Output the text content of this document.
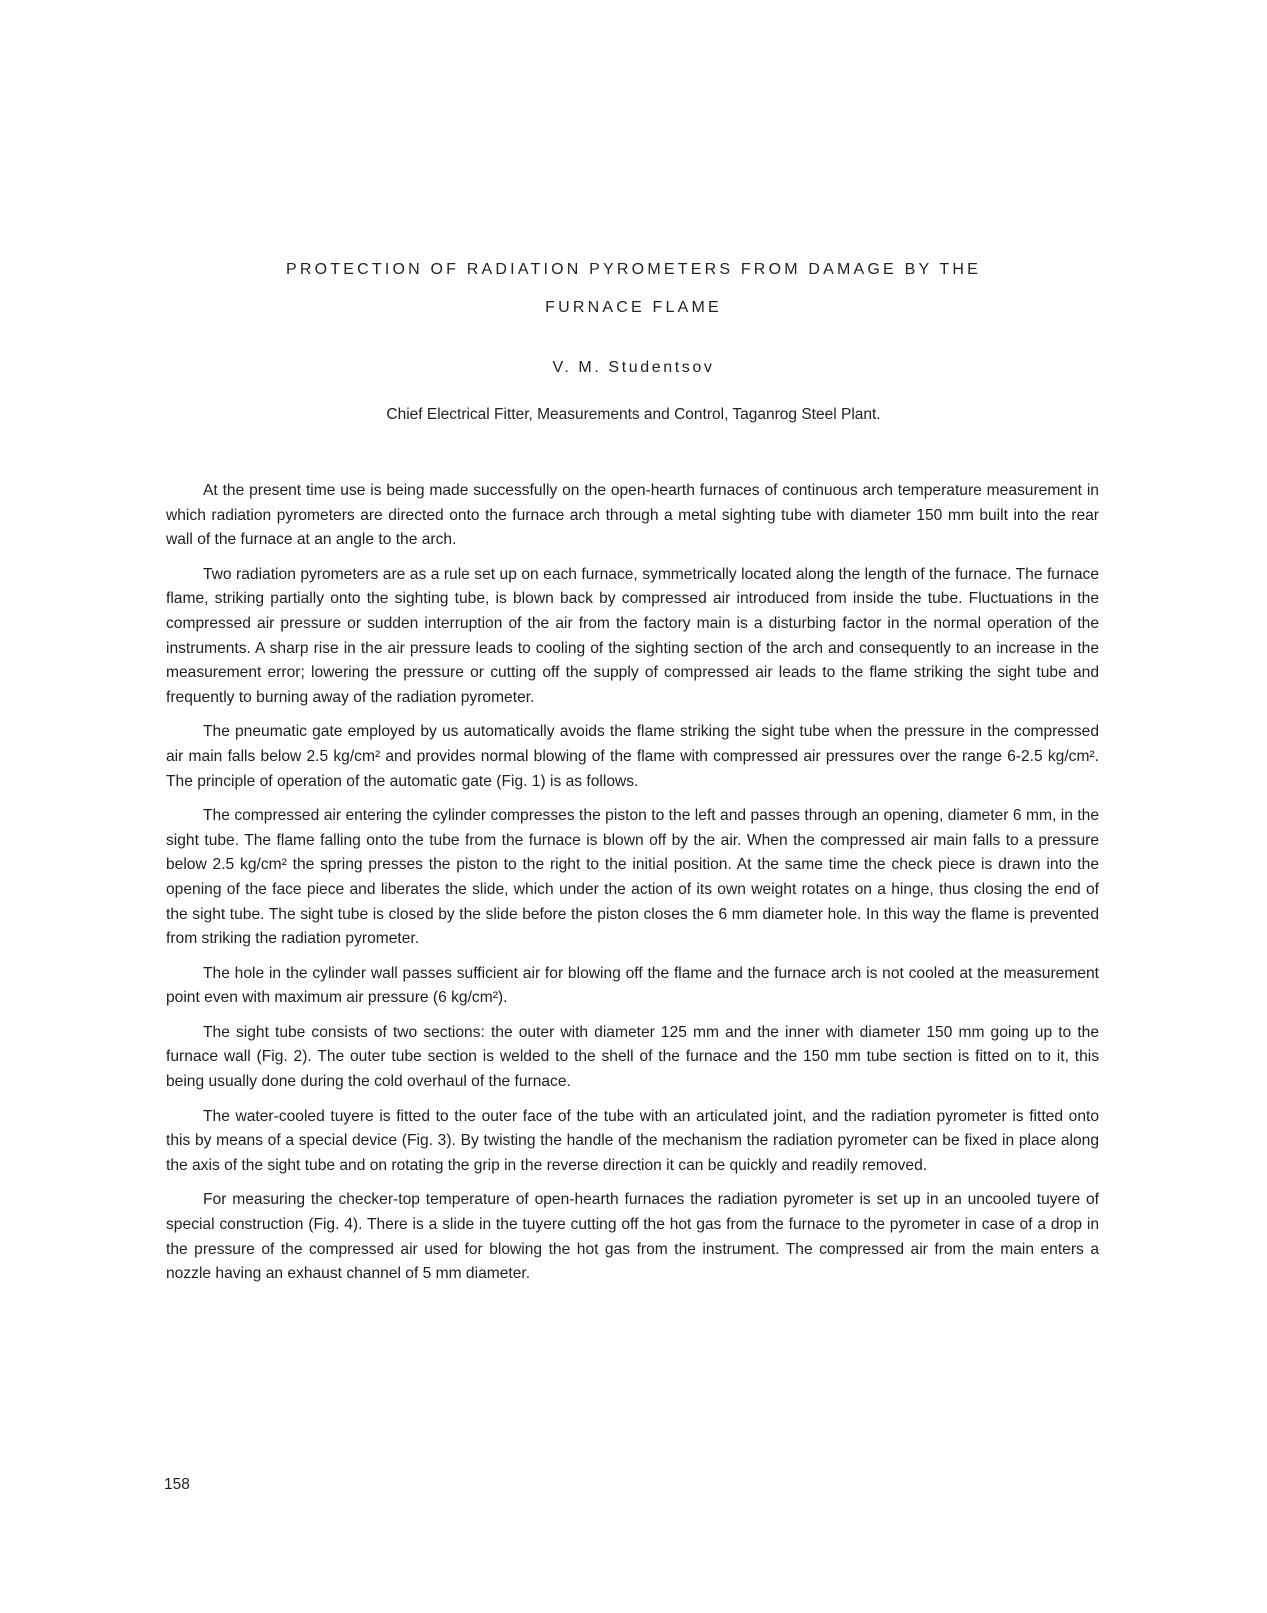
PROTECTION OF RADIATION PYROMETERS FROM DAMAGE BY THE
FURNACE FLAME
V. M. Studentsov
Chief Electrical Fitter, Measurements and Control, Taganrog Steel Plant.

At the present time use is being made successfully on the open-hearth furnaces of continuous arch temperature measurement in which radiation pyrometers are directed onto the furnace arch through a metal sighting tube with diameter 150 mm built into the rear wall of the furnace at an angle to the arch.

Two radiation pyrometers are as a rule set up on each furnace, symmetrically located along the length of the furnace. The furnace flame, striking partially onto the sighting tube, is blown back by compressed air introduced from inside the tube. Fluctuations in the compressed air pressure or sudden interruption of the air from the factory main is a disturbing factor in the normal operation of the instruments. A sharp rise in the air pressure leads to cooling of the sighting section of the arch and consequently to an increase in the measurement error; lowering the pressure or cutting off the supply of compressed air leads to the flame striking the sight tube and frequently to burning away of the radiation pyrometer.

The pneumatic gate employed by us automatically avoids the flame striking the sight tube when the pressure in the compressed air main falls below 2.5 kg/cm² and provides normal blowing of the flame with compressed air pressures over the range 6-2.5 kg/cm². The principle of operation of the automatic gate (Fig. 1) is as follows.

The compressed air entering the cylinder compresses the piston to the left and passes through an opening, diameter 6 mm, in the sight tube. The flame falling onto the tube from the furnace is blown off by the air. When the compressed air main falls to a pressure below 2.5 kg/cm² the spring presses the piston to the right to the initial position. At the same time the check piece is drawn into the opening of the face piece and liberates the slide, which under the action of its own weight rotates on a hinge, thus closing the end of the sight tube. The sight tube is closed by the slide before the piston closes the 6 mm diameter hole. In this way the flame is prevented from striking the radiation pyrometer.

The hole in the cylinder wall passes sufficient air for blowing off the flame and the furnace arch is not cooled at the measurement point even with maximum air pressure (6 kg/cm²).

The sight tube consists of two sections: the outer with diameter 125 mm and the inner with diameter 150 mm going up to the furnace wall (Fig. 2). The outer tube section is welded to the shell of the furnace and the 150 mm tube section is fitted on to it, this being usually done during the cold overhaul of the furnace.

The water-cooled tuyere is fitted to the outer face of the tube with an articulated joint, and the radiation pyrometer is fitted onto this by means of a special device (Fig. 3). By twisting the handle of the mechanism the radiation pyrometer can be fixed in place along the axis of the sight tube and on rotating the grip in the reverse direction it can be quickly and readily removed.

For measuring the checker-top temperature of open-hearth furnaces the radiation pyrometer is set up in an uncooled tuyere of special construction (Fig. 4). There is a slide in the tuyere cutting off the hot gas from the furnace to the pyrometer in case of a drop in the pressure of the compressed air used for blowing the hot gas from the instrument. The compressed air from the main enters a nozzle having an exhaust channel of 5 mm diameter.

158
